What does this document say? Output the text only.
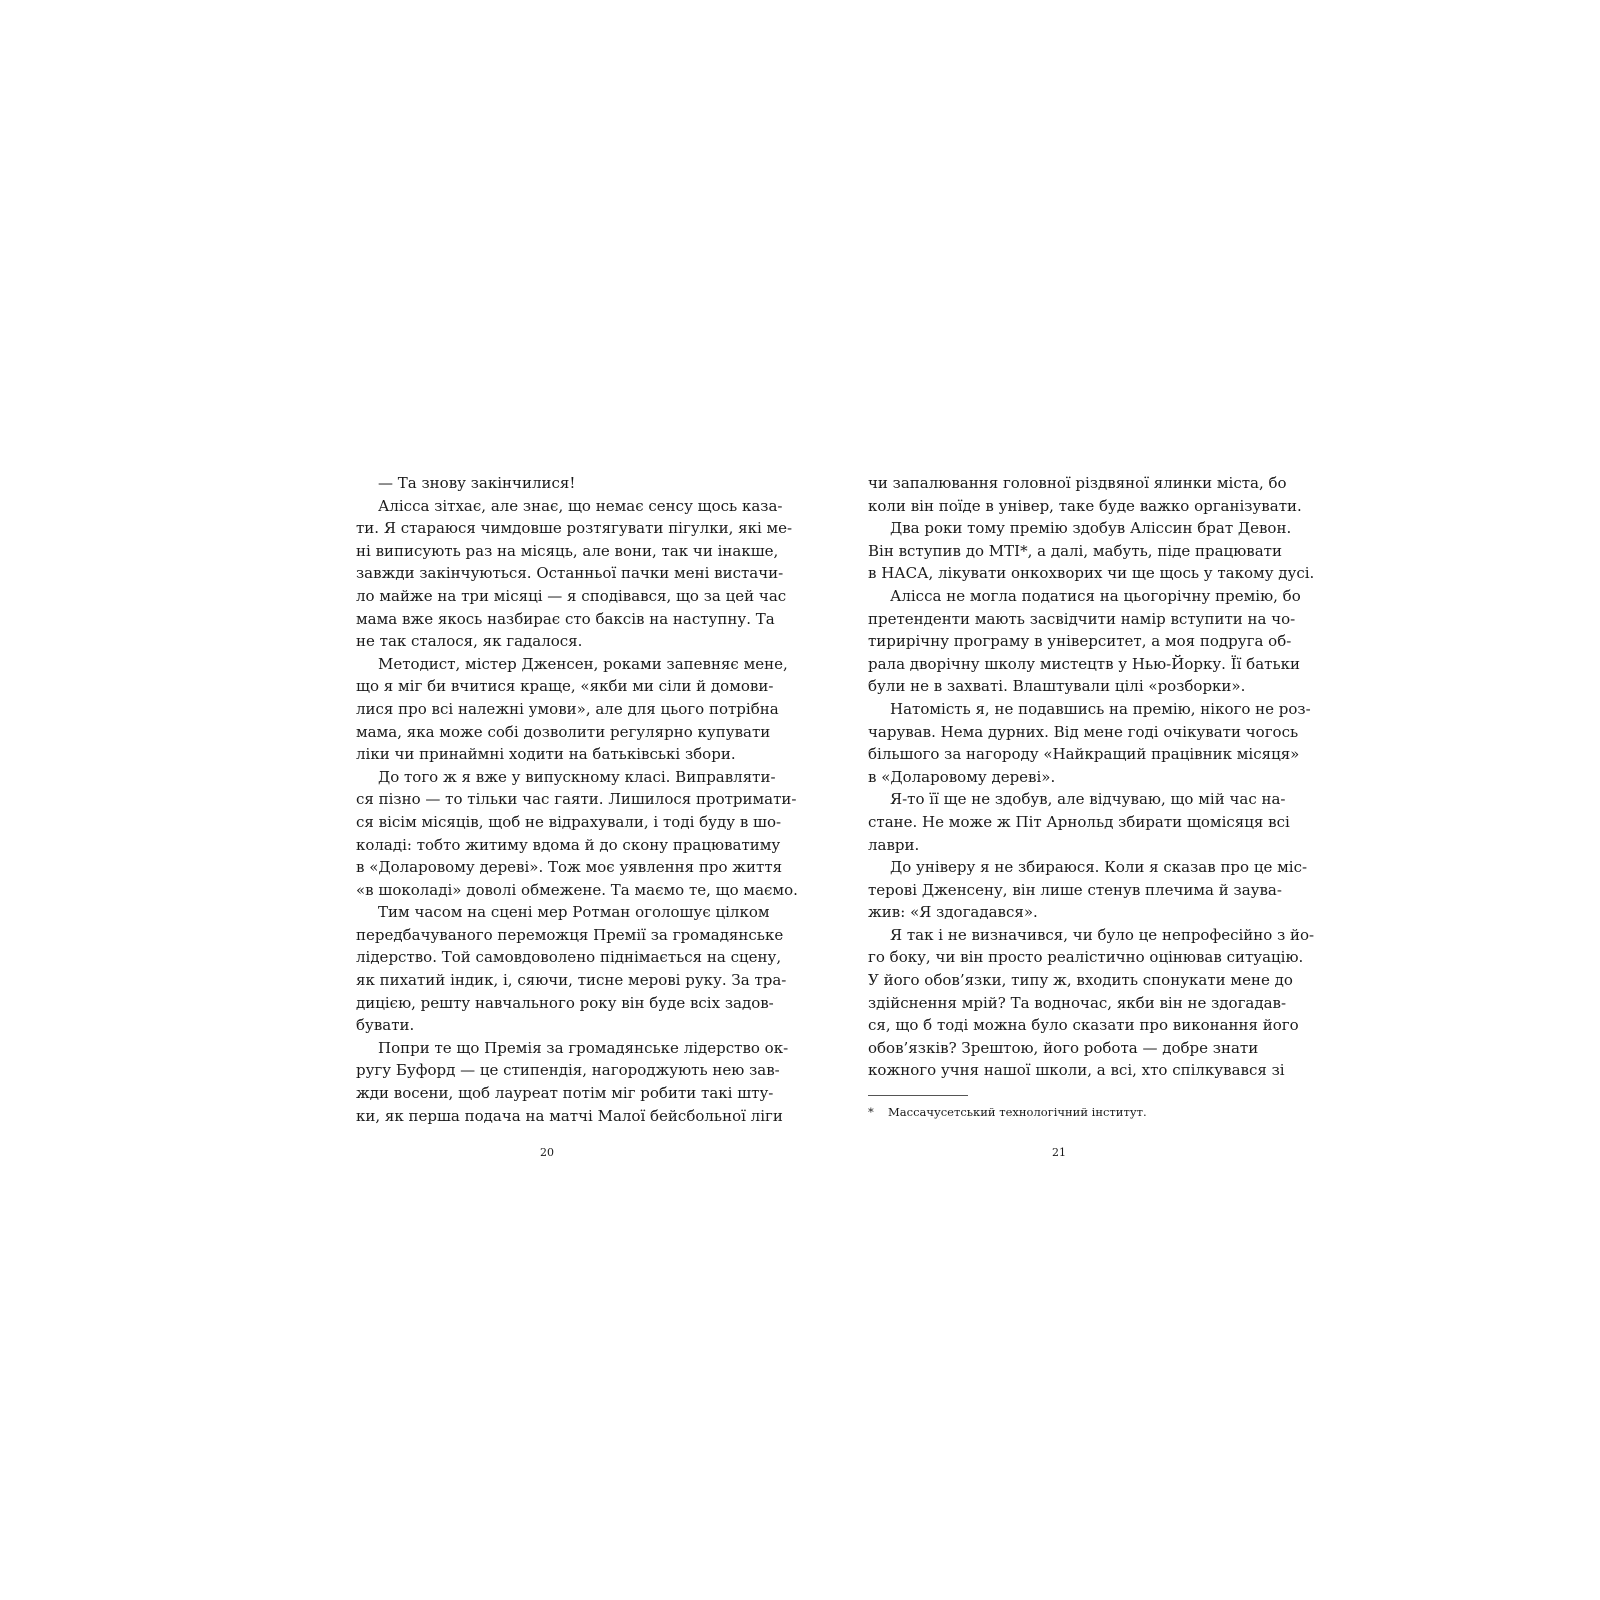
— Та знову закінчилися!
Алісса зітхає, але знає, що немає сенсу щось каза-
ти. Я стараюся чимдовше розтягувати пігулки, які ме-
ні виписують раз на місяць, але вони, так чи інакше,
завжди закінчуються. Останньої пачки мені вистачи-
ло майже на три місяці — я сподівався, що за цей час
мама вже якось назбирає сто баксів на наступну. Та
не так сталося, як гадалося.
Методист, містер Дженсен, роками запевняє мене,
що я міг би вчитися краще, «якби ми сіли й домови-
лися про всі належні умови», але для цього потрібна
мама, яка може собі дозволити регулярно купувати
ліки чи принаймні ходити на батьківські збори.
До того ж я вже у випускному класі. Виправляти-
ся пізно — то тільки час гаяти. Лишилося протримати-
ся вісім місяців, щоб не відрахували, і тоді буду в шо-
коладі: тобто житиму вдома й до скону працюватиму
в «Доларовому дереві». Тож моє уявлення про життя
«в шоколаді» доволі обмежене. Та маємо те, що маємо.
Тим часом на сцені мер Ротман оголошує цілком
передбачуваного переможця Премії за громадянське
лідерство. Той самовдоволено піднімається на сцену,
як пихатий індик, і, сяючи, тисне мерові руку. За тра-
дицією, решту навчального року він буде всіх задов-
бувати.
Попри те що Премія за громадянське лідерство ок-
ругу Буфорд — це стипендія, нагороджують нею зав-
жди восени, щоб лауреат потім міг робити такі шту-
ки, як перша подача на матчі Малої бейсбольної ліги
чи запалювання головної різдвяної ялинки міста, бо
коли він поїде в універ, таке буде важко організувати.
Два роки тому премію здобув Аліссин брат Девон.
Він вступив до МТІ*, а далі, мабуть, піде працювати
в НАСА, лікувати онкохворих чи ще щось у такому дусі.
Алісса не могла податися на цьогорічну премію, бо
претенденти мають засвідчити намір вступити на чо-
тирирічну програму в університет, а моя подруга об-
рала дворічну школу мистецтв у Нью-Йорку. Її батьки
були не в захваті. Влаштували цілі «розборки».
Натомість я, не подавшись на премію, нікого не роз-
чарував. Нема дурних. Від мене годі очікувати чогось
більшого за нагороду «Найкращий працівник місяця»
в «Доларовому дереві».
Я-то її ще не здобув, але відчуваю, що мій час на-
стане. Не може ж Піт Арнольд збирати щомісяця всі
лаври.
До універу я не збираюся. Коли я сказав про це міс-
терові Дженсену, він лише стенув плечима й заува-
жив: «Я здогадався».
Я так і не визначився, чи було це непрофесійно з йо-
го боку, чи він просто реалістично оцінював ситуацію.
У його обов’язки, типу ж, входить спонукати мене до
здійснення мрій? Та водночас, якби він не здогадав-
ся, що б тоді можна було сказати про виконання його
обов’язків? Зрештою, його робота — добре знати
кожного учня нашої школи, а всі, хто спілкувався зі
* Массачусетський технологічний інститут.
20	21
